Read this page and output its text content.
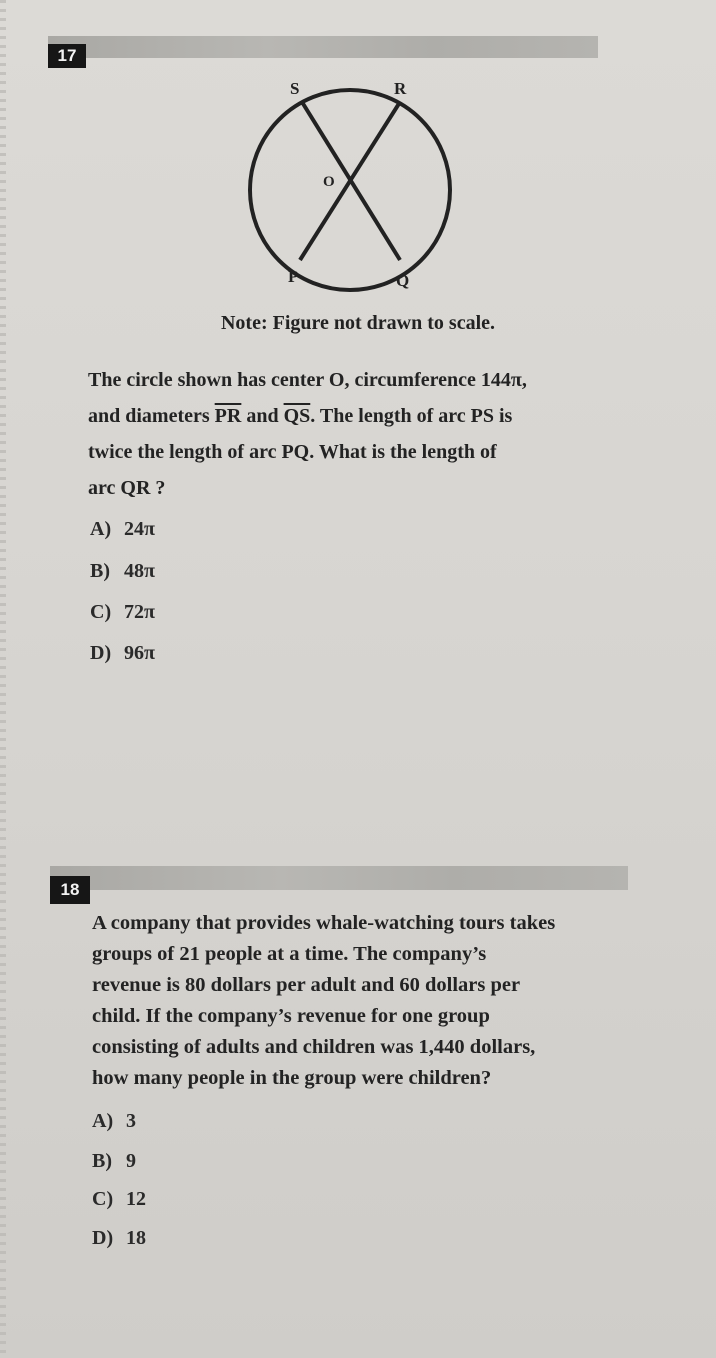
17
S	R
O
P	Q
Note: Figure not drawn to scale.
The circle shown has center O, circumference 144π,
and diameters $\overline{PR}$ and $\overline{QS}$. The length of arc PS is
twice the length of arc PQ. What is the length of
arc QR ?
A) 24π
B) 48π
C) 72π
D) 96π
18
A company that provides whale-watching tours takes
groups of 21 people at a time. The company’s
revenue is 80 dollars per adult and 60 dollars per
child. If the company’s revenue for one group
consisting of adults and children was 1,440 dollars,
how many people in the group were children?
A) 3
B) 9
C) 12
D) 18
